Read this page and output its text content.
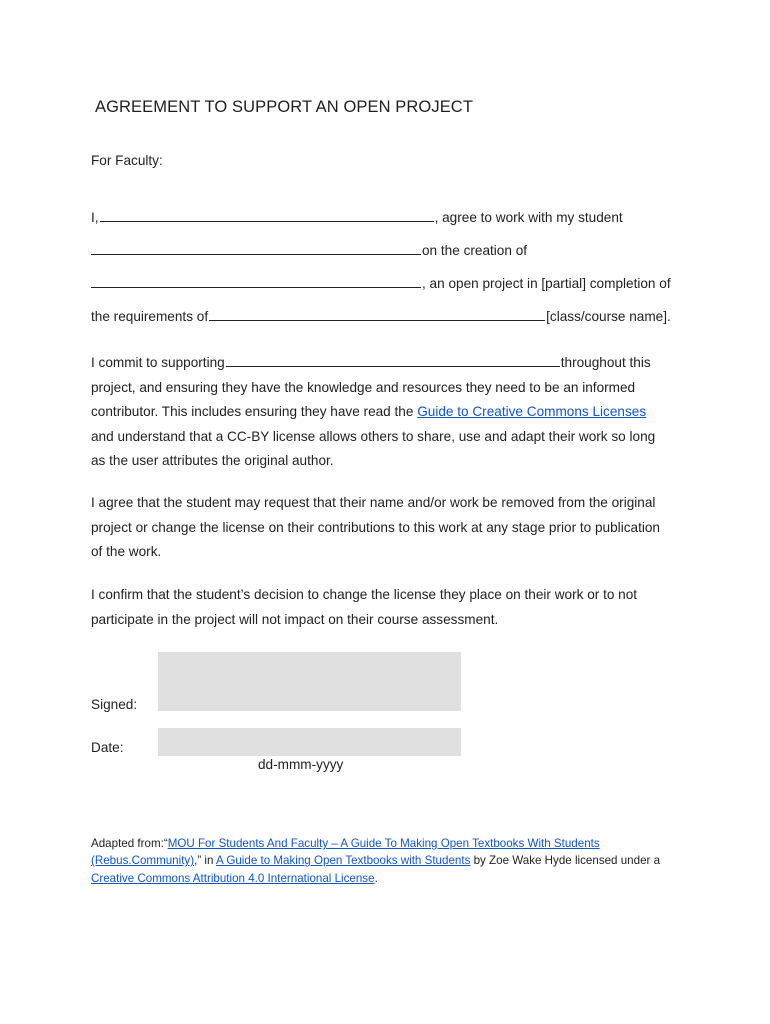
AGREEMENT TO SUPPORT AN OPEN PROJECT
For Faculty:
I,	, agree to work with my student
on the creation of
, an open project in [partial] completion of
the requirements of	[class/course name].
I commit to supporting	throughout this
project, and ensuring they have the knowledge and resources they need to be an informed
contributor. This includes ensuring they have read the Guide to Creative Commons Licenses
and understand that a CC-BY license allows others to share, use and adapt their work so long
as the user attributes the original author.
I agree that the student may request that their name and/or work be removed from the original
project or change the license on their contributions to this work at any stage prior to publication
of the work.
I confirm that the student’s decision to change the license they place on their work or to not
participate in the project will not impact on their course assessment.
Signed:
Date:
dd-mmm-yyyy

Adapted from:“MOU For Students And Faculty – A Guide To Making Open Textbooks With Students (Rebus.Community),” in A Guide to Making Open Textbooks with Students by Zoe Wake Hyde licensed under a Creative Commons Attribution 4.0 International License.
